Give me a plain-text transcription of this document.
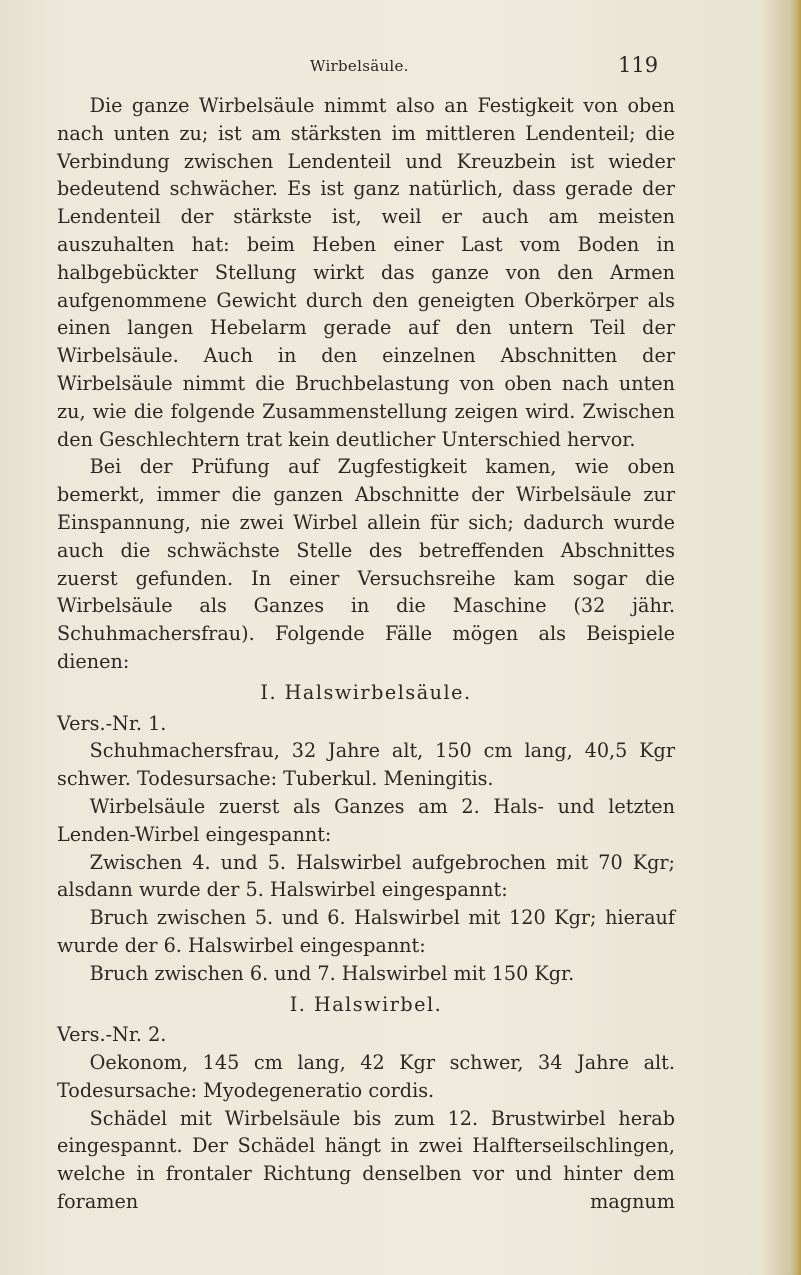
Wirbelsäule.	119

Die ganze Wirbelsäule nimmt also an Festigkeit von oben nach unten zu; ist am stärksten im mittleren Lendenteil; die Verbindung zwischen Lendenteil und Kreuzbein ist wieder bedeutend schwächer. Es ist ganz natürlich, dass gerade der Lendenteil der stärkste ist, weil er auch am meisten auszuhalten hat: beim Heben einer Last vom Boden in halbgebückter Stellung wirkt das ganze von den Armen aufgenommene Gewicht durch den geneigten Oberkörper als einen langen Hebelarm gerade auf den untern Teil der Wirbelsäule. Auch in den einzelnen Abschnitten der Wirbelsäule nimmt die Bruchbelastung von oben nach unten zu, wie die folgende Zusammenstellung zeigen wird. Zwischen den Geschlechtern trat kein deutlicher Unterschied hervor.

Bei der Prüfung auf Zugfestigkeit kamen, wie oben bemerkt, immer die ganzen Abschnitte der Wirbelsäule zur Einspannung, nie zwei Wirbel allein für sich; dadurch wurde auch die schwächste Stelle des betreffenden Abschnittes zuerst gefunden. In einer Versuchsreihe kam sogar die Wirbelsäule als Ganzes in die Maschine (32 jähr. Schuhmachersfrau). Folgende Fälle mögen als Beispiele dienen:

I. Halswirbelsäule.

Vers.-Nr. 1.

Schuhmachersfrau, 32 Jahre alt, 150 cm lang, 40,5 Kgr schwer. Todesursache: Tuberkul. Meningitis.

Wirbelsäule zuerst als Ganzes am 2. Hals- und letzten Lenden-Wirbel eingespannt:

Zwischen 4. und 5. Halswirbel aufgebrochen mit 70 Kgr; alsdann wurde der 5. Halswirbel eingespannt:

Bruch zwischen 5. und 6. Halswirbel mit 120 Kgr; hierauf wurde der 6. Halswirbel eingespannt:

Bruch zwischen 6. und 7. Halswirbel mit 150 Kgr.

I. Halswirbel.

Vers.-Nr. 2.

Oekonom, 145 cm lang, 42 Kgr schwer, 34 Jahre alt. Todesursache: Myodegeneratio cordis.

Schädel mit Wirbelsäule bis zum 12. Brustwirbel herab eingespannt. Der Schädel hängt in zwei Halfterseilschlingen, welche in frontaler Richtung denselben vor und hinter dem foramen magnum
